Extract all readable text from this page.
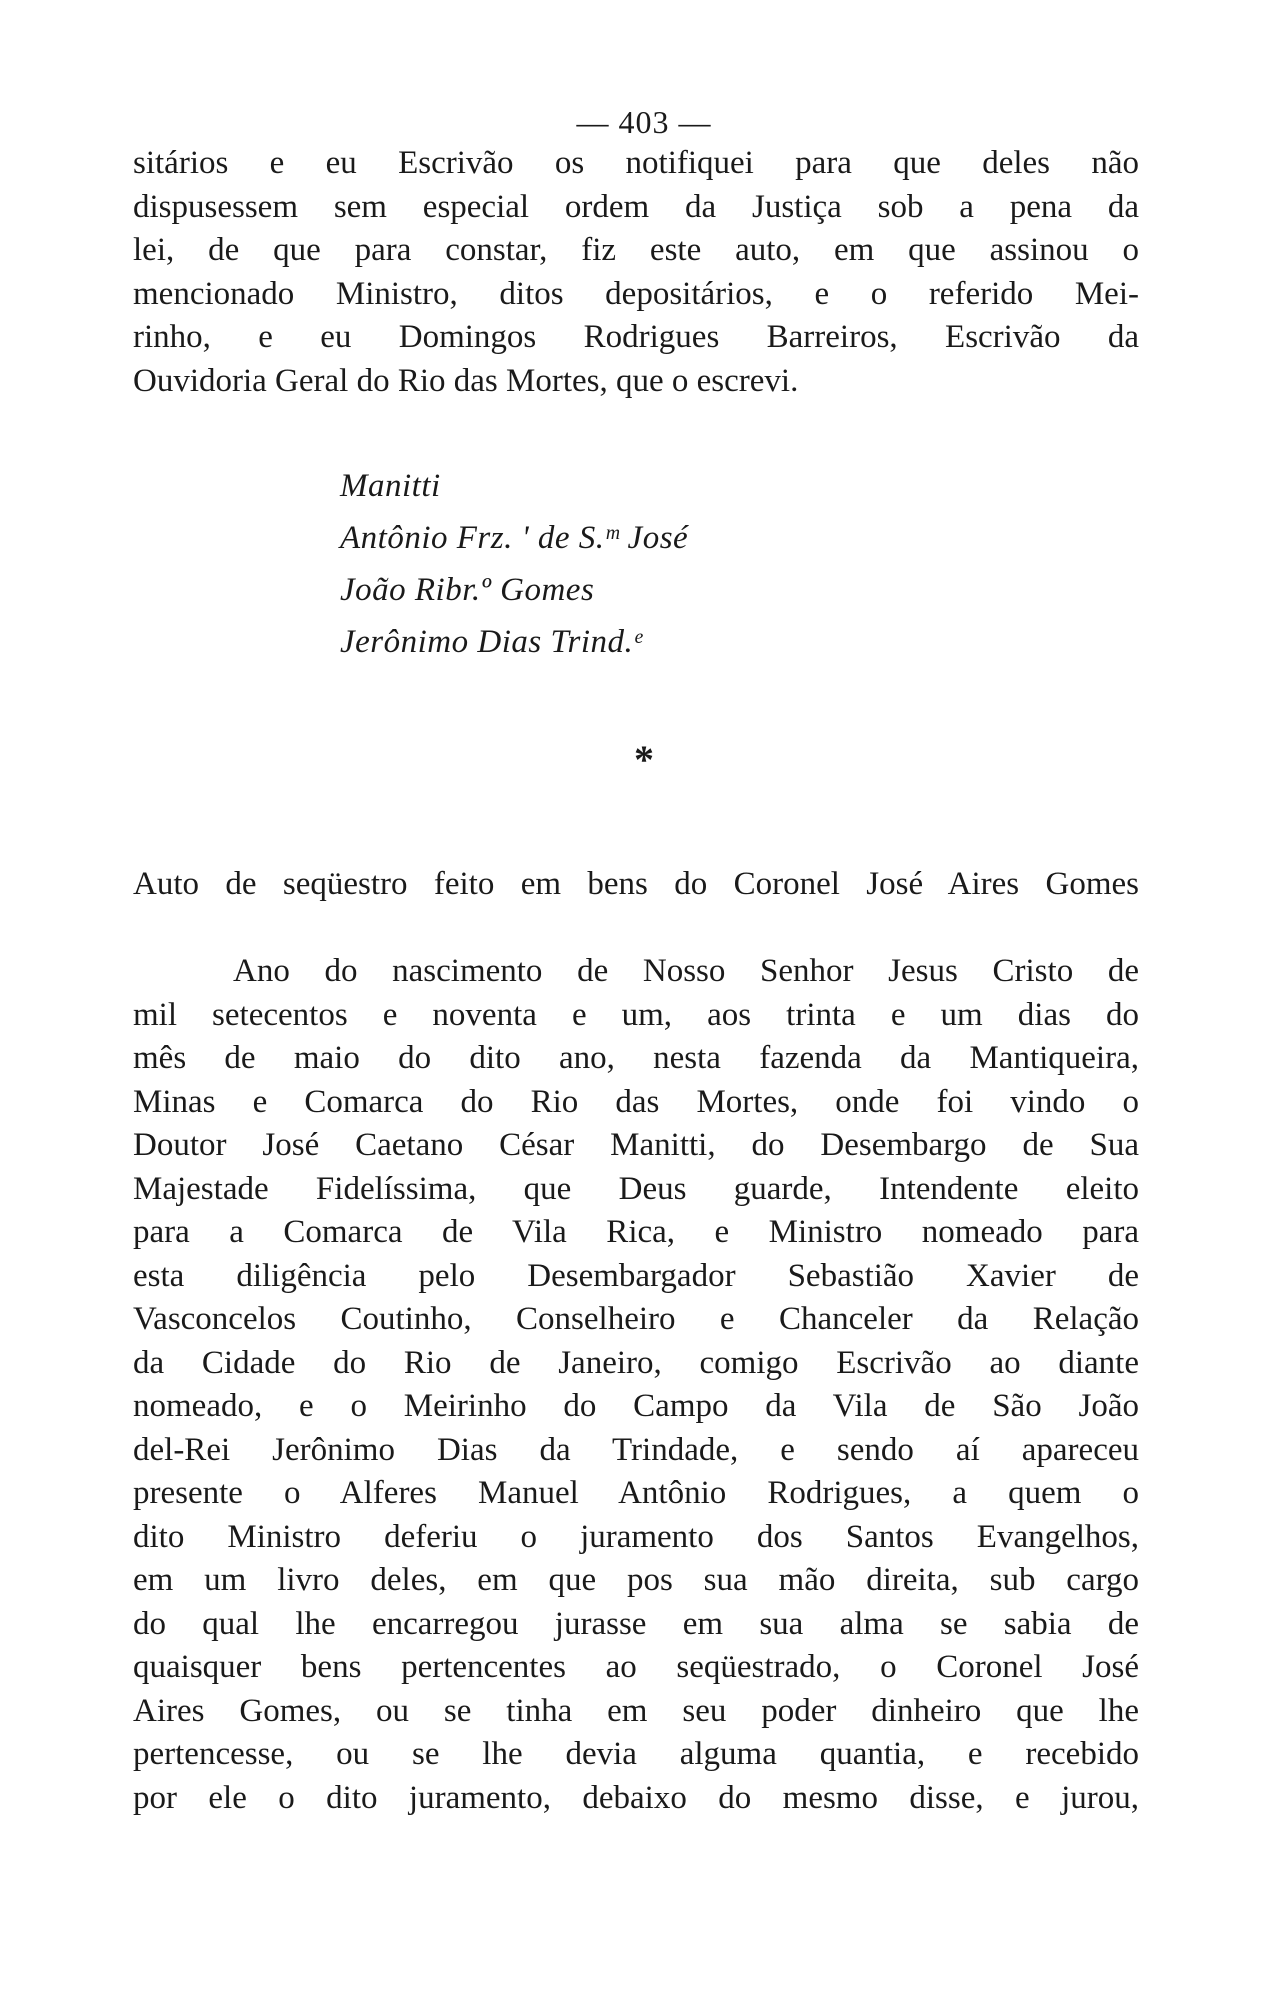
— 403 —
sitários e eu Escrivão os notifiquei para que deles não
dispusessem sem especial ordem da Justiça sob a pena da
lei, de que para constar, fiz este auto, em que assinou o
mencionado Ministro, ditos depositários, e o referido Mei-
rinho, e eu Domingos Rodrigues Barreiros, Escrivão da
Ouvidoria Geral do Rio das Mortes, que o escrevi.
Manitti
Antônio Frz. ' de S.ᵐ José
João Ribr.º Gomes
Jerônimo Dias Trind.ᵉ
*
Auto de seqüestro feito em bens do Coronel José Aires Gomes
Ano do nascimento de Nosso Senhor Jesus Cristo de
mil setecentos e noventa e um, aos trinta e um dias do
mês de maio do dito ano, nesta fazenda da Mantiqueira,
Minas e Comarca do Rio das Mortes, onde foi vindo o
Doutor José Caetano César Manitti, do Desembargo de Sua
Majestade Fidelíssima, que Deus guarde, Intendente eleito
para a Comarca de Vila Rica, e Ministro nomeado para
esta diligência pelo Desembargador Sebastião Xavier de
Vasconcelos Coutinho, Conselheiro e Chanceler da Relação
da Cidade do Rio de Janeiro, comigo Escrivão ao diante
nomeado, e o Meirinho do Campo da Vila de São João
del-Rei Jerônimo Dias da Trindade, e sendo aí apareceu
presente o Alferes Manuel Antônio Rodrigues, a quem o
dito Ministro deferiu o juramento dos Santos Evangelhos,
em um livro deles, em que pos sua mão direita, sub cargo
do qual lhe encarregou jurasse em sua alma se sabia de
quaisquer bens pertencentes ao seqüestrado, o Coronel José
Aires Gomes, ou se tinha em seu poder dinheiro que lhe
pertencesse, ou se lhe devia alguma quantia, e recebido
por ele o dito juramento, debaixo do mesmo disse, e jurou,
